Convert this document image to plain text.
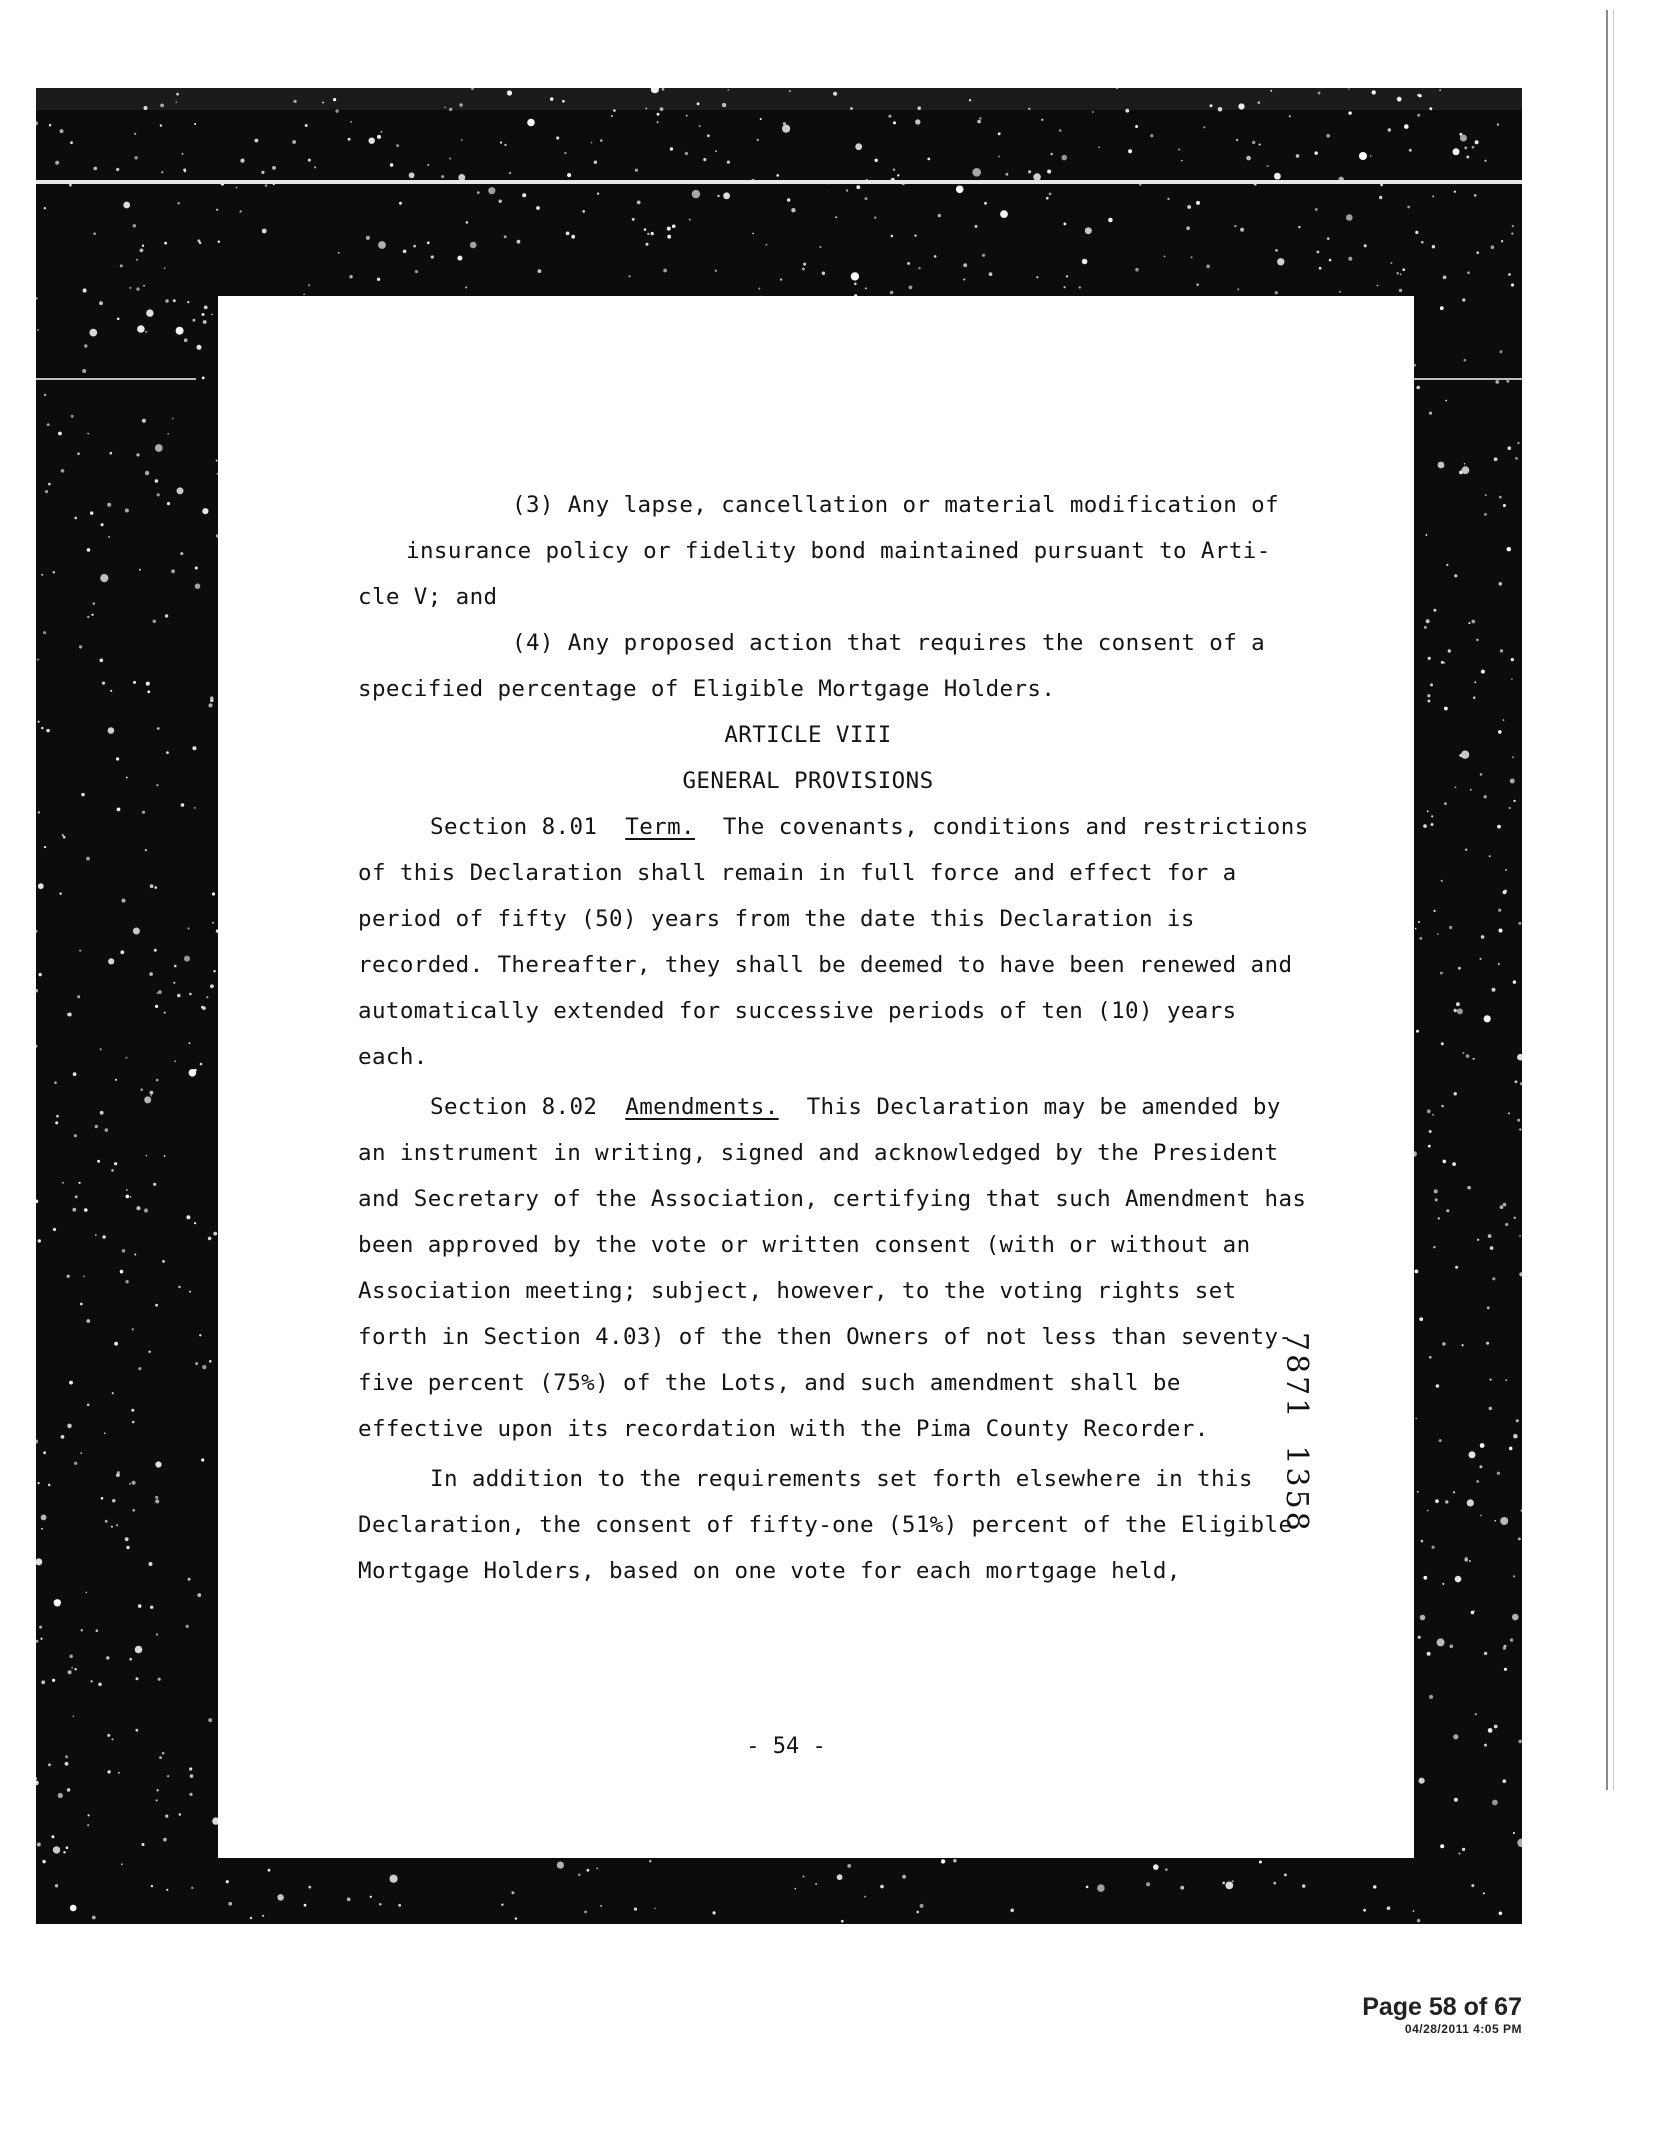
(3) Any lapse, cancellation or material modification of

insurance policy or fidelity bond maintained pursuant to Arti-

cle V; and

(4) Any proposed action that requires the consent of a

specified percentage of Eligible Mortgage Holders.

ARTICLE VIII

GENERAL PROVISIONS

Section 8.01 Term. The covenants, conditions and restrictions of this Declaration shall remain in full force and effect for a period of fifty (50) years from the date this Declaration is recorded. Thereafter, they shall be deemed to have been renewed and automatically extended for successive periods of ten (10) years each.

Section 8.02 Amendments. This Declaration may be amended by an instrument in writing, signed and acknowledged by the President and Secretary of the Association, certifying that such Amendment has been approved by the vote or written consent (with or without an Association meeting; subject, however, to the voting rights set forth in Section 4.03) of the then Owners of not less than seventy-five percent (75%) of the Lots, and such amendment shall be effective upon its recordation with the Pima County Recorder.

In addition to the requirements set forth elsewhere in this Declaration, the consent of fifty-one (51%) percent of the Eligible Mortgage Holders, based on one vote for each mortgage held,

7871  1358
- 54 -
Page 58 of 67
04/28/2011 4:05 PM
